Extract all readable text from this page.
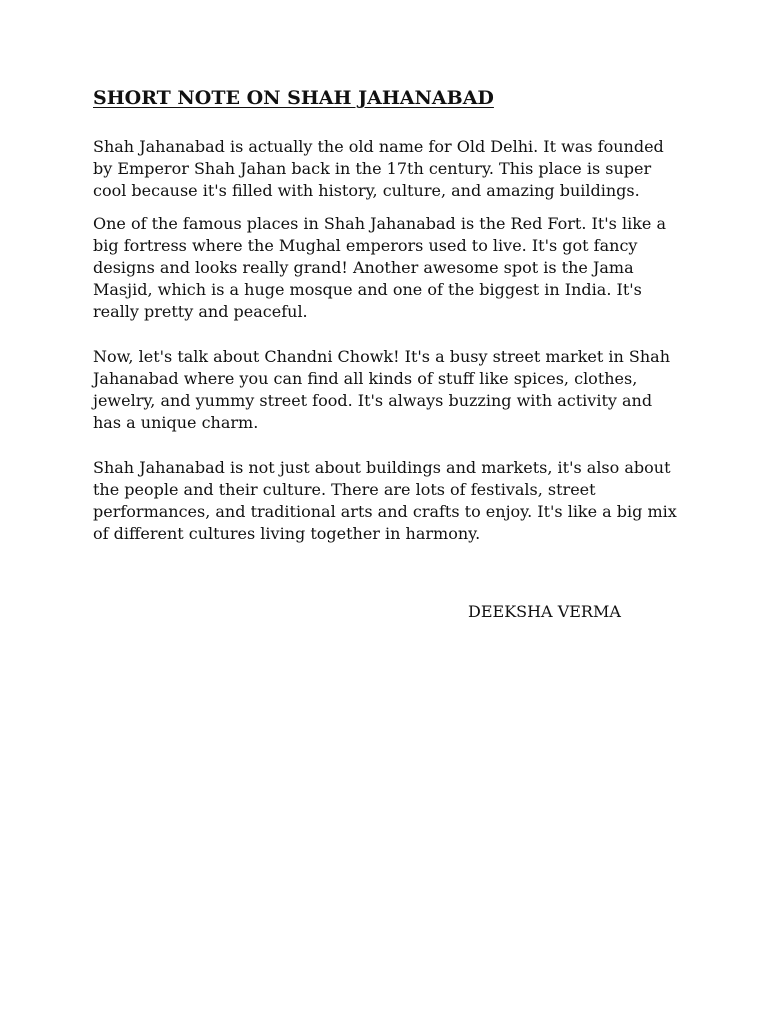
SHORT NOTE ON SHAH JAHANABAD

Shah Jahanabad is actually the old name for Old Delhi. It was founded by Emperor Shah Jahan back in the 17th century. This place is super cool because it's filled with history, culture, and amazing buildings.

One of the famous places in Shah Jahanabad is the Red Fort. It's like a big fortress where the Mughal emperors used to live. It's got fancy designs and looks really grand! Another awesome spot is the Jama Masjid, which is a huge mosque and one of the biggest in India. It's really pretty and peaceful.

Now, let's talk about Chandni Chowk! It's a busy street market in Shah Jahanabad where you can find all kinds of stuff like spices, clothes, jewelry, and yummy street food. It's always buzzing with activity and has a unique charm.

Shah Jahanabad is not just about buildings and markets, it's also about the people and their culture. There are lots of festivals, street performances, and traditional arts and crafts to enjoy. It's like a big mix of different cultures living together in harmony.

DEEKSHA VERMA
